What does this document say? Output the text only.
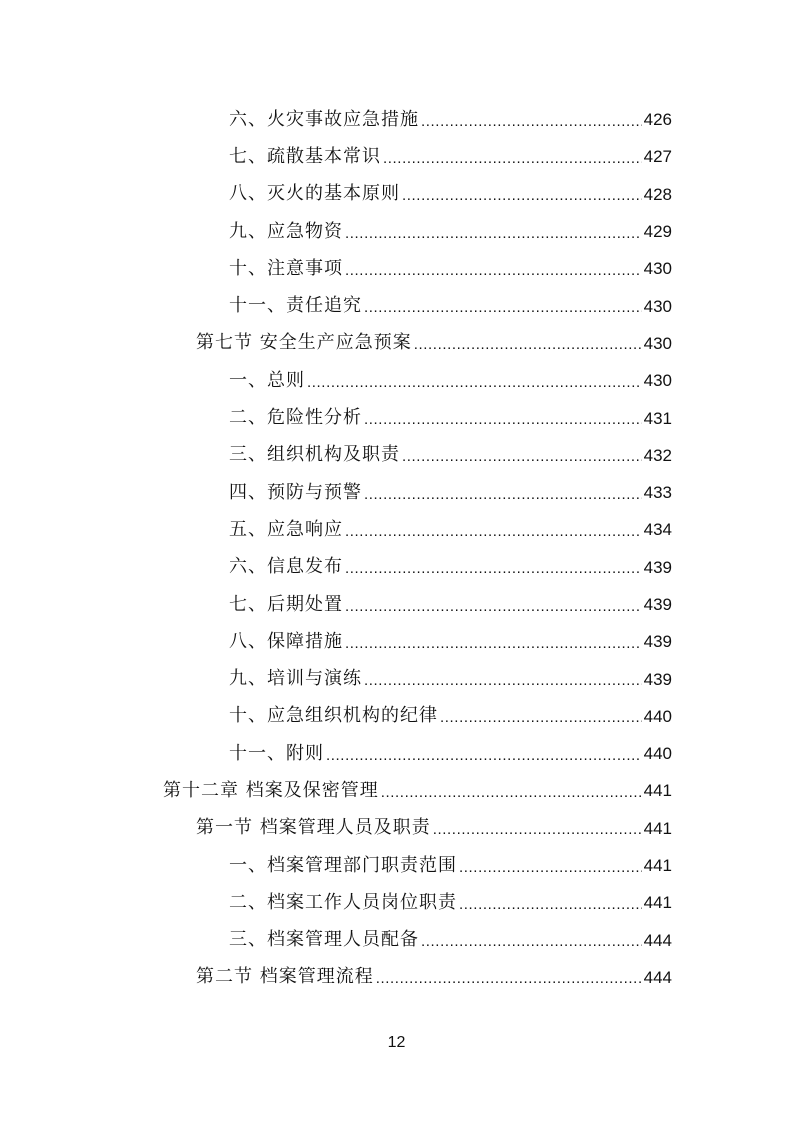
六、火灾事故应急措施 .....	426
七、疏散基本常识 .....	427
八、灭火的基本原则 .....	428
九、应急物资 .....	429
十、注意事项 .....	430
十一、责任追究 .....	430
第七节 安全生产应急预案 .....	430
一、总则 .....	430
二、危险性分析 .....	431
三、组织机构及职责 .....	432
四、预防与预警 .....	433
五、应急响应 .....	434
六、信息发布 .....	439
七、后期处置 .....	439
八、保障措施 .....	439
九、培训与演练 .....	439
十、应急组织机构的纪律 .....	440
十一、附则 .....	440
第十二章 档案及保密管理 .....	441
第一节 档案管理人员及职责 .....	441
一、档案管理部门职责范围 .....	441
二、档案工作人员岗位职责 .....	441
三、档案管理人员配备 .....	444
第二节 档案管理流程 .....	444
12
